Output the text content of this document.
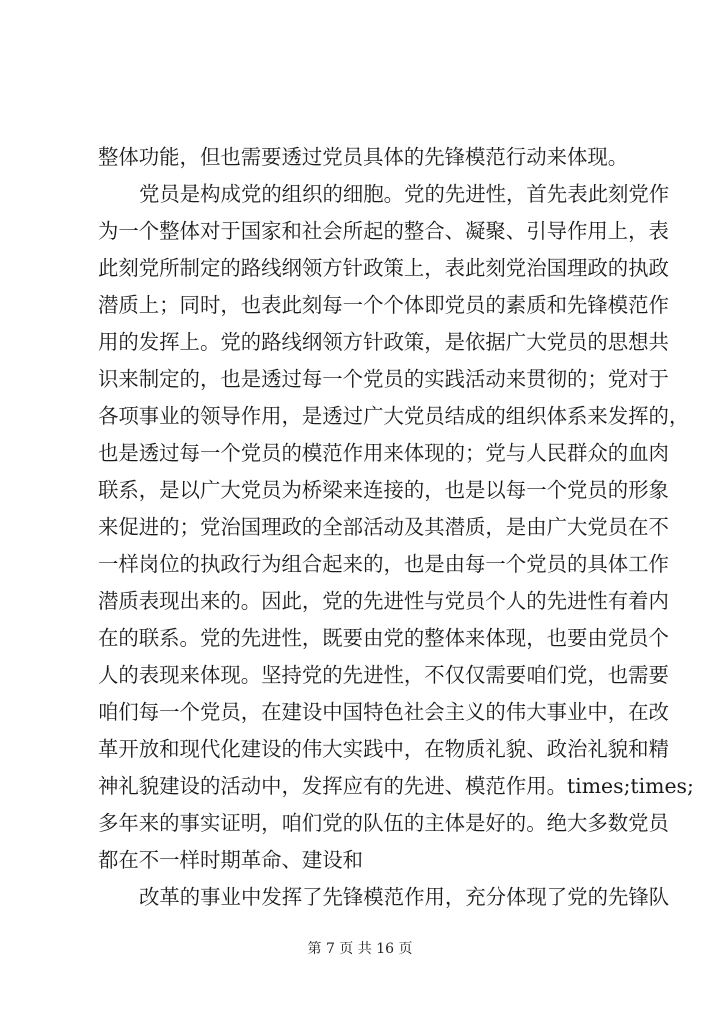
整体功能，但也需要透过党员具体的先锋模范行动来体现。
党员是构成党的组织的细胞。党的先进性，首先表此刻党作
为一个整体对于国家和社会所起的整合、凝聚、引导作用上，表
此刻党所制定的路线纲领方针政策上，表此刻党治国理政的执政
潜质上；同时，也表此刻每一个个体即党员的素质和先锋模范作
用的发挥上。党的路线纲领方针政策，是依据广大党员的思想共
识来制定的，也是透过每一个党员的实践活动来贯彻的；党对于
各项事业的领导作用，是透过广大党员结成的组织体系来发挥的，
也是透过每一个党员的模范作用来体现的；党与人民群众的血肉
联系，是以广大党员为桥梁来连接的，也是以每一个党员的形象
来促进的；党治国理政的全部活动及其潜质，是由广大党员在不
一样岗位的执政行为组合起来的，也是由每一个党员的具体工作
潜质表现出来的。因此，党的先进性与党员个人的先进性有着内
在的联系。党的先进性，既要由党的整体来体现，也要由党员个
人的表现来体现。坚持党的先进性，不仅仅需要咱们党，也需要
咱们每一个党员，在建设中国特色社会主义的伟大事业中，在改
革开放和现代化建设的伟大实践中，在物质礼貌、政治礼貌和精
神礼貌建设的活动中，发挥应有的先进、模范作用。times;times;
多年来的事实证明，咱们党的队伍的主体是好的。绝大多数党员
都在不一样时期革命、建设和
改革的事业中发挥了先锋模范作用，充分体现了党的先锋队
第 7 页 共 16 页
